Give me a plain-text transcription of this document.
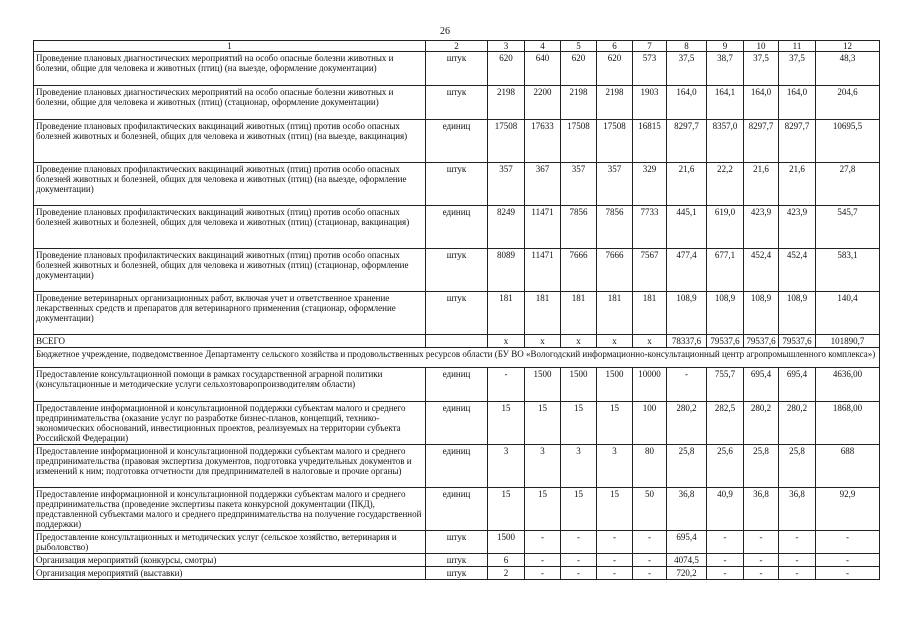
26
1	2	3	4	5	6	7	8	9	10	11	12
Проведение плановых диагностических мероприятий на особо опасные болезни животных и болезни, общие для человека и животных (птиц) (на выезде, оформление документации)	штук	620	640	620	620	573	37,5	38,7	37,5	37,5	48,3
Проведение плановых диагностических мероприятий на особо опасные болезни животных и болезни, общие для человека и животных (птиц) (стационар, оформление документации)	штук	2198	2200	2198	2198	1903	164,0	164,1	164,0	164,0	204,6
Проведение плановых профилактических вакцинаций животных (птиц) против особо опасных болезней животных и болезней, общих для человека и животных (птиц) (на выезде, вакцинация)	единиц	17508	17633	17508	17508	16815	8297,7	8357,0	8297,7	8297,7	10695,5
Проведение плановых профилактических вакцинаций животных (птиц) против особо опасных болезней животных и болезней, общих для человека и животных (птиц) (на выезде, оформление документации)	штук	357	367	357	357	329	21,6	22,2	21,6	21,6	27,8
Проведение плановых профилактических вакцинаций животных (птиц) против особо опасных болезней животных и болезней, общих для человека и животных (птиц) (стационар, вакцинация)	единиц	8249	11471	7856	7856	7733	445,1	619,0	423,9	423,9	545,7
Проведение плановых профилактических вакцинаций животных (птиц) против особо опасных болезней животных и болезней, общих для человека и животных (птиц) (стационар, оформление документации)	штук	8089	11471	7666	7666	7567	477,4	677,1	452,4	452,4	583,1
Проведение ветеринарных организационных работ, включая учет и ответственное хранение лекарственных средств и препаратов для ветеринарного применения (стационар, оформление документации)	штук	181	181	181	181	181	108,9	108,9	108,9	108,9	140,4
ВСЕГО		х	х	х	х	х	78337,6	79537,6	79537,6	79537,6	101890,7
Бюджетное учреждение, подведомственное Департаменту сельского хозяйства и продовольственных ресурсов области (БУ ВО «Вологодский информационно-консультационный центр агропромышленного комплекса»)											
Предоставление консультационной помощи в рамках государственной аграрной политики (консультационные и методические услуги сельхозтоваропроизводителям области)	единиц	-	1500	1500	1500	10000	-	755,7	695,4	695,4	4636,00
Предоставление информационной и консультационной поддержки субъектам малого и среднего предпринимательства (оказание услуг по разработке бизнес-планов, концепций, технико-экономических обоснований, инвестиционных проектов, реализуемых на территории субъекта Российской Федерации)	единиц	15	15	15	15	100	280,2	282,5	280,2	280,2	1868,00
Предоставление информационной и консультационной поддержки субъектам малого и среднего предпринимательства (правовая экспертиза документов, подготовка учредительных документов и изменений к ним; подготовка отчетности для предпринимателей в налоговые и прочие органы)	единиц	3	3	3	3	80	25,8	25,6	25,8	25,8	688
Предоставление информационной и консультационной поддержки субъектам малого и среднего предпринимательства (проведение экспертизы пакета конкурсной документации (ПКД), представленной субъектами малого и среднего предпринимательства на получение государственной поддержки)	единиц	15	15	15	15	50	36,8	40,9	36,8	36,8	92,9
Предоставление консультационных и методических услуг (сельское хозяйство, ветеринария и рыболовство)	штук	1500	-	-	-	-	695,4	-	-	-	-
Организация мероприятий (конкурсы, смотры)	штук	6	-	-	-	-	4074,5	-	-	-	-
Организация мероприятий (выставки)	штук	2	-	-	-	-	720,2	-	-	-	-
